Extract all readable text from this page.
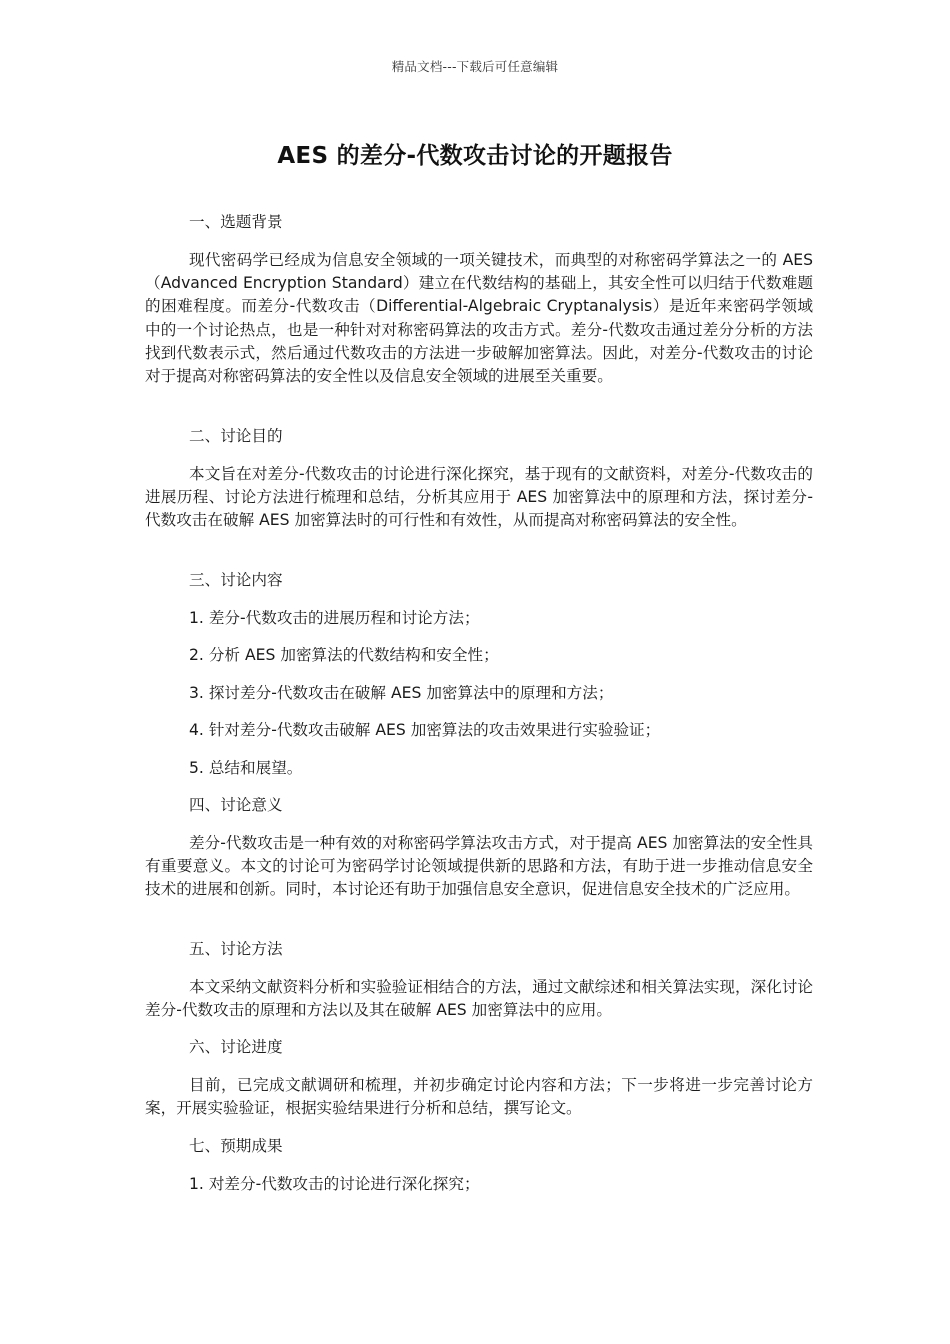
精品文档---下载后可任意编辑
AES 的差分-代数攻击讨论的开题报告
一、选题背景
现代密码学已经成为信息安全领域的一项关键技术，而典型的对称密码学算法之一的 AES（Advanced Encryption Standard）建立在代数结构的基础上，其安全性可以归结于代数难题的困难程度。而差分-代数攻击（Differential-Algebraic Cryptanalysis）是近年来密码学领域中的一个讨论热点，也是一种针对对称密码算法的攻击方式。差分-代数攻击通过差分分析的方法找到代数表示式，然后通过代数攻击的方法进一步破解加密算法。因此，对差分-代数攻击的讨论对于提高对称密码算法的安全性以及信息安全领域的进展至关重要。
二、讨论目的
本文旨在对差分-代数攻击的讨论进行深化探究，基于现有的文献资料，对差分-代数攻击的进展历程、讨论方法进行梳理和总结，分析其应用于 AES 加密算法中的原理和方法，探讨差分-代数攻击在破解 AES 加密算法时的可行性和有效性，从而提高对称密码算法的安全性。
三、讨论内容
1. 差分-代数攻击的进展历程和讨论方法；
2. 分析 AES 加密算法的代数结构和安全性；
3. 探讨差分-代数攻击在破解 AES 加密算法中的原理和方法；
4. 针对差分-代数攻击破解 AES 加密算法的攻击效果进行实验验证；
5. 总结和展望。
四、讨论意义
差分-代数攻击是一种有效的对称密码学算法攻击方式，对于提高 AES 加密算法的安全性具有重要意义。本文的讨论可为密码学讨论领域提供新的思路和方法，有助于进一步推动信息安全技术的进展和创新。同时，本讨论还有助于加强信息安全意识，促进信息安全技术的广泛应用。
五、讨论方法
本文采纳文献资料分析和实验验证相结合的方法，通过文献综述和相关算法实现，深化讨论差分-代数攻击的原理和方法以及其在破解 AES 加密算法中的应用。
六、讨论进度
目前，已完成文献调研和梳理，并初步确定讨论内容和方法；下一步将进一步完善讨论方案，开展实验验证，根据实验结果进行分析和总结，撰写论文。
七、预期成果
1. 对差分-代数攻击的讨论进行深化探究；
